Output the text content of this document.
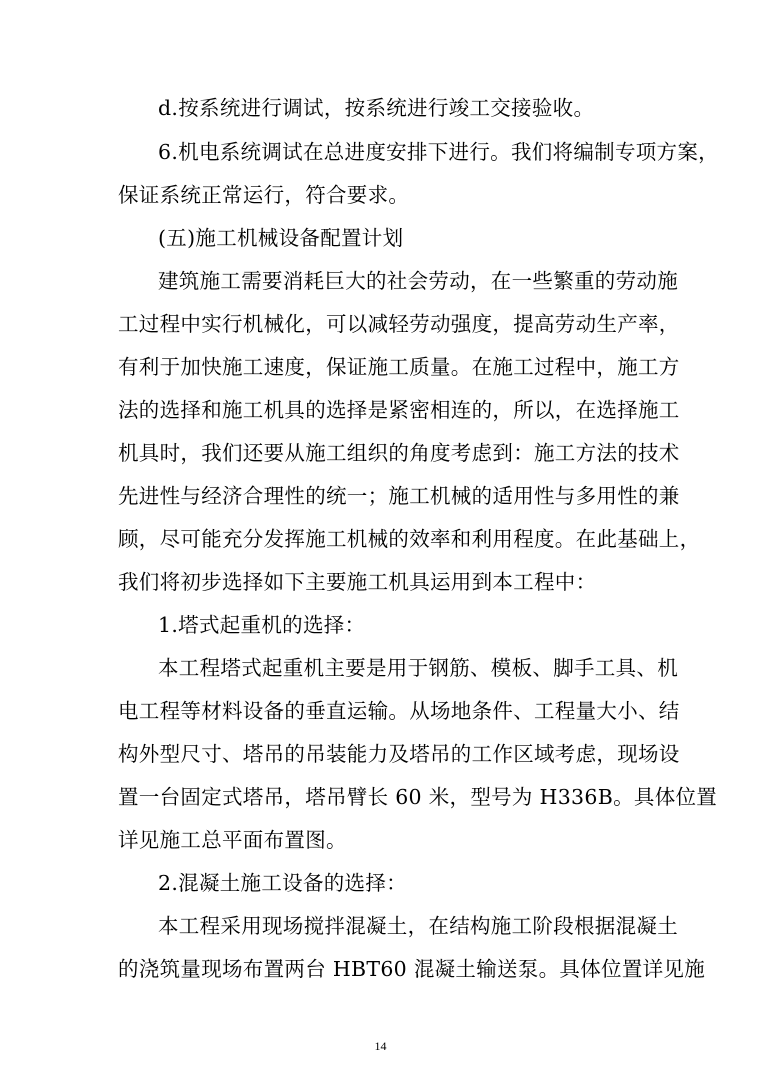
d.按系统进行调试，按系统进行竣工交接验收。
6.机电系统调试在总进度安排下进行。我们将编制专项方案，
保证系统正常运行，符合要求。
(五)施工机械设备配置计划
建筑施工需要消耗巨大的社会劳动，在一些繁重的劳动施
工过程中实行机械化，可以减轻劳动强度，提高劳动生产率，
有利于加快施工速度，保证施工质量。在施工过程中，施工方
法的选择和施工机具的选择是紧密相连的，所以，在选择施工
机具时，我们还要从施工组织的角度考虑到：施工方法的技术
先进性与经济合理性的统一；施工机械的适用性与多用性的兼
顾，尽可能充分发挥施工机械的效率和利用程度。在此基础上，
我们将初步选择如下主要施工机具运用到本工程中：
1.塔式起重机的选择：
本工程塔式起重机主要是用于钢筋、模板、脚手工具、机
电工程等材料设备的垂直运输。从场地条件、工程量大小、结
构外型尺寸、塔吊的吊装能力及塔吊的工作区域考虑，现场设
置一台固定式塔吊，塔吊臂长 60 米，型号为 H336B。具体位置
详见施工总平面布置图。
2.混凝土施工设备的选择：
本工程采用现场搅拌混凝土，在结构施工阶段根据混凝土
的浇筑量现场布置两台 HBT60 混凝土输送泵。具体位置详见施
14
